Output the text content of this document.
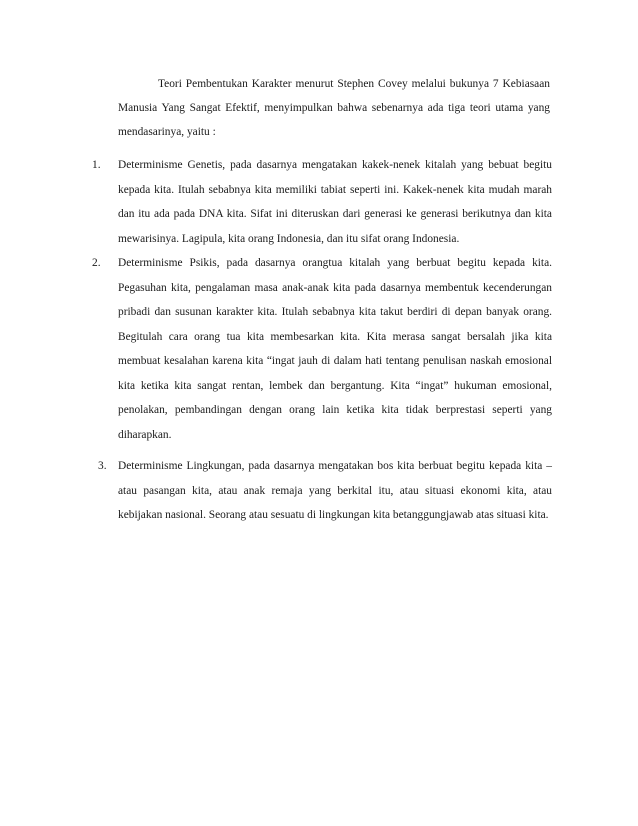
Teori Pembentukan Karakter menurut Stephen Covey melalui bukunya 7 Kebiasaan Manusia Yang Sangat Efektif, menyimpulkan bahwa sebenarnya ada tiga teori utama yang mendasarinya, yaitu :

1. Determinisme Genetis, pada dasarnya mengatakan kakek-nenek kitalah yang bebuat begitu kepada kita. Itulah sebabnya kita memiliki tabiat seperti ini. Kakek-nenek kita mudah marah dan itu ada pada DNA kita. Sifat ini diteruskan dari generasi ke generasi berikutnya dan kita mewarisinya. Lagipula, kita orang Indonesia, dan itu sifat orang Indonesia.
2. Determinisme Psikis, pada dasarnya orangtua kitalah yang berbuat begitu kepada kita. Pegasuhan kita, pengalaman masa anak-anak kita pada dasarnya membentuk kecenderungan pribadi dan susunan karakter kita. Itulah sebabnya kita takut berdiri di depan banyak orang. Begitulah cara orang tua kita membesarkan kita. Kita merasa sangat bersalah jika kita membuat kesalahan karena kita “ingat jauh di dalam hati tentang penulisan naskah emosional kita ketika kita sangat rentan, lembek dan bergantung. Kita “ingat” hukuman emosional, penolakan, pembandingan dengan orang lain ketika kita tidak berprestasi seperti yang diharapkan.
3. Determinisme Lingkungan, pada dasarnya mengatakan bos kita berbuat begitu kepada kita – atau pasangan kita, atau anak remaja yang berkital itu, atau situasi ekonomi kita, atau kebijakan nasional. Seorang atau sesuatu di lingkungan kita betanggungjawab atas situasi kita.
